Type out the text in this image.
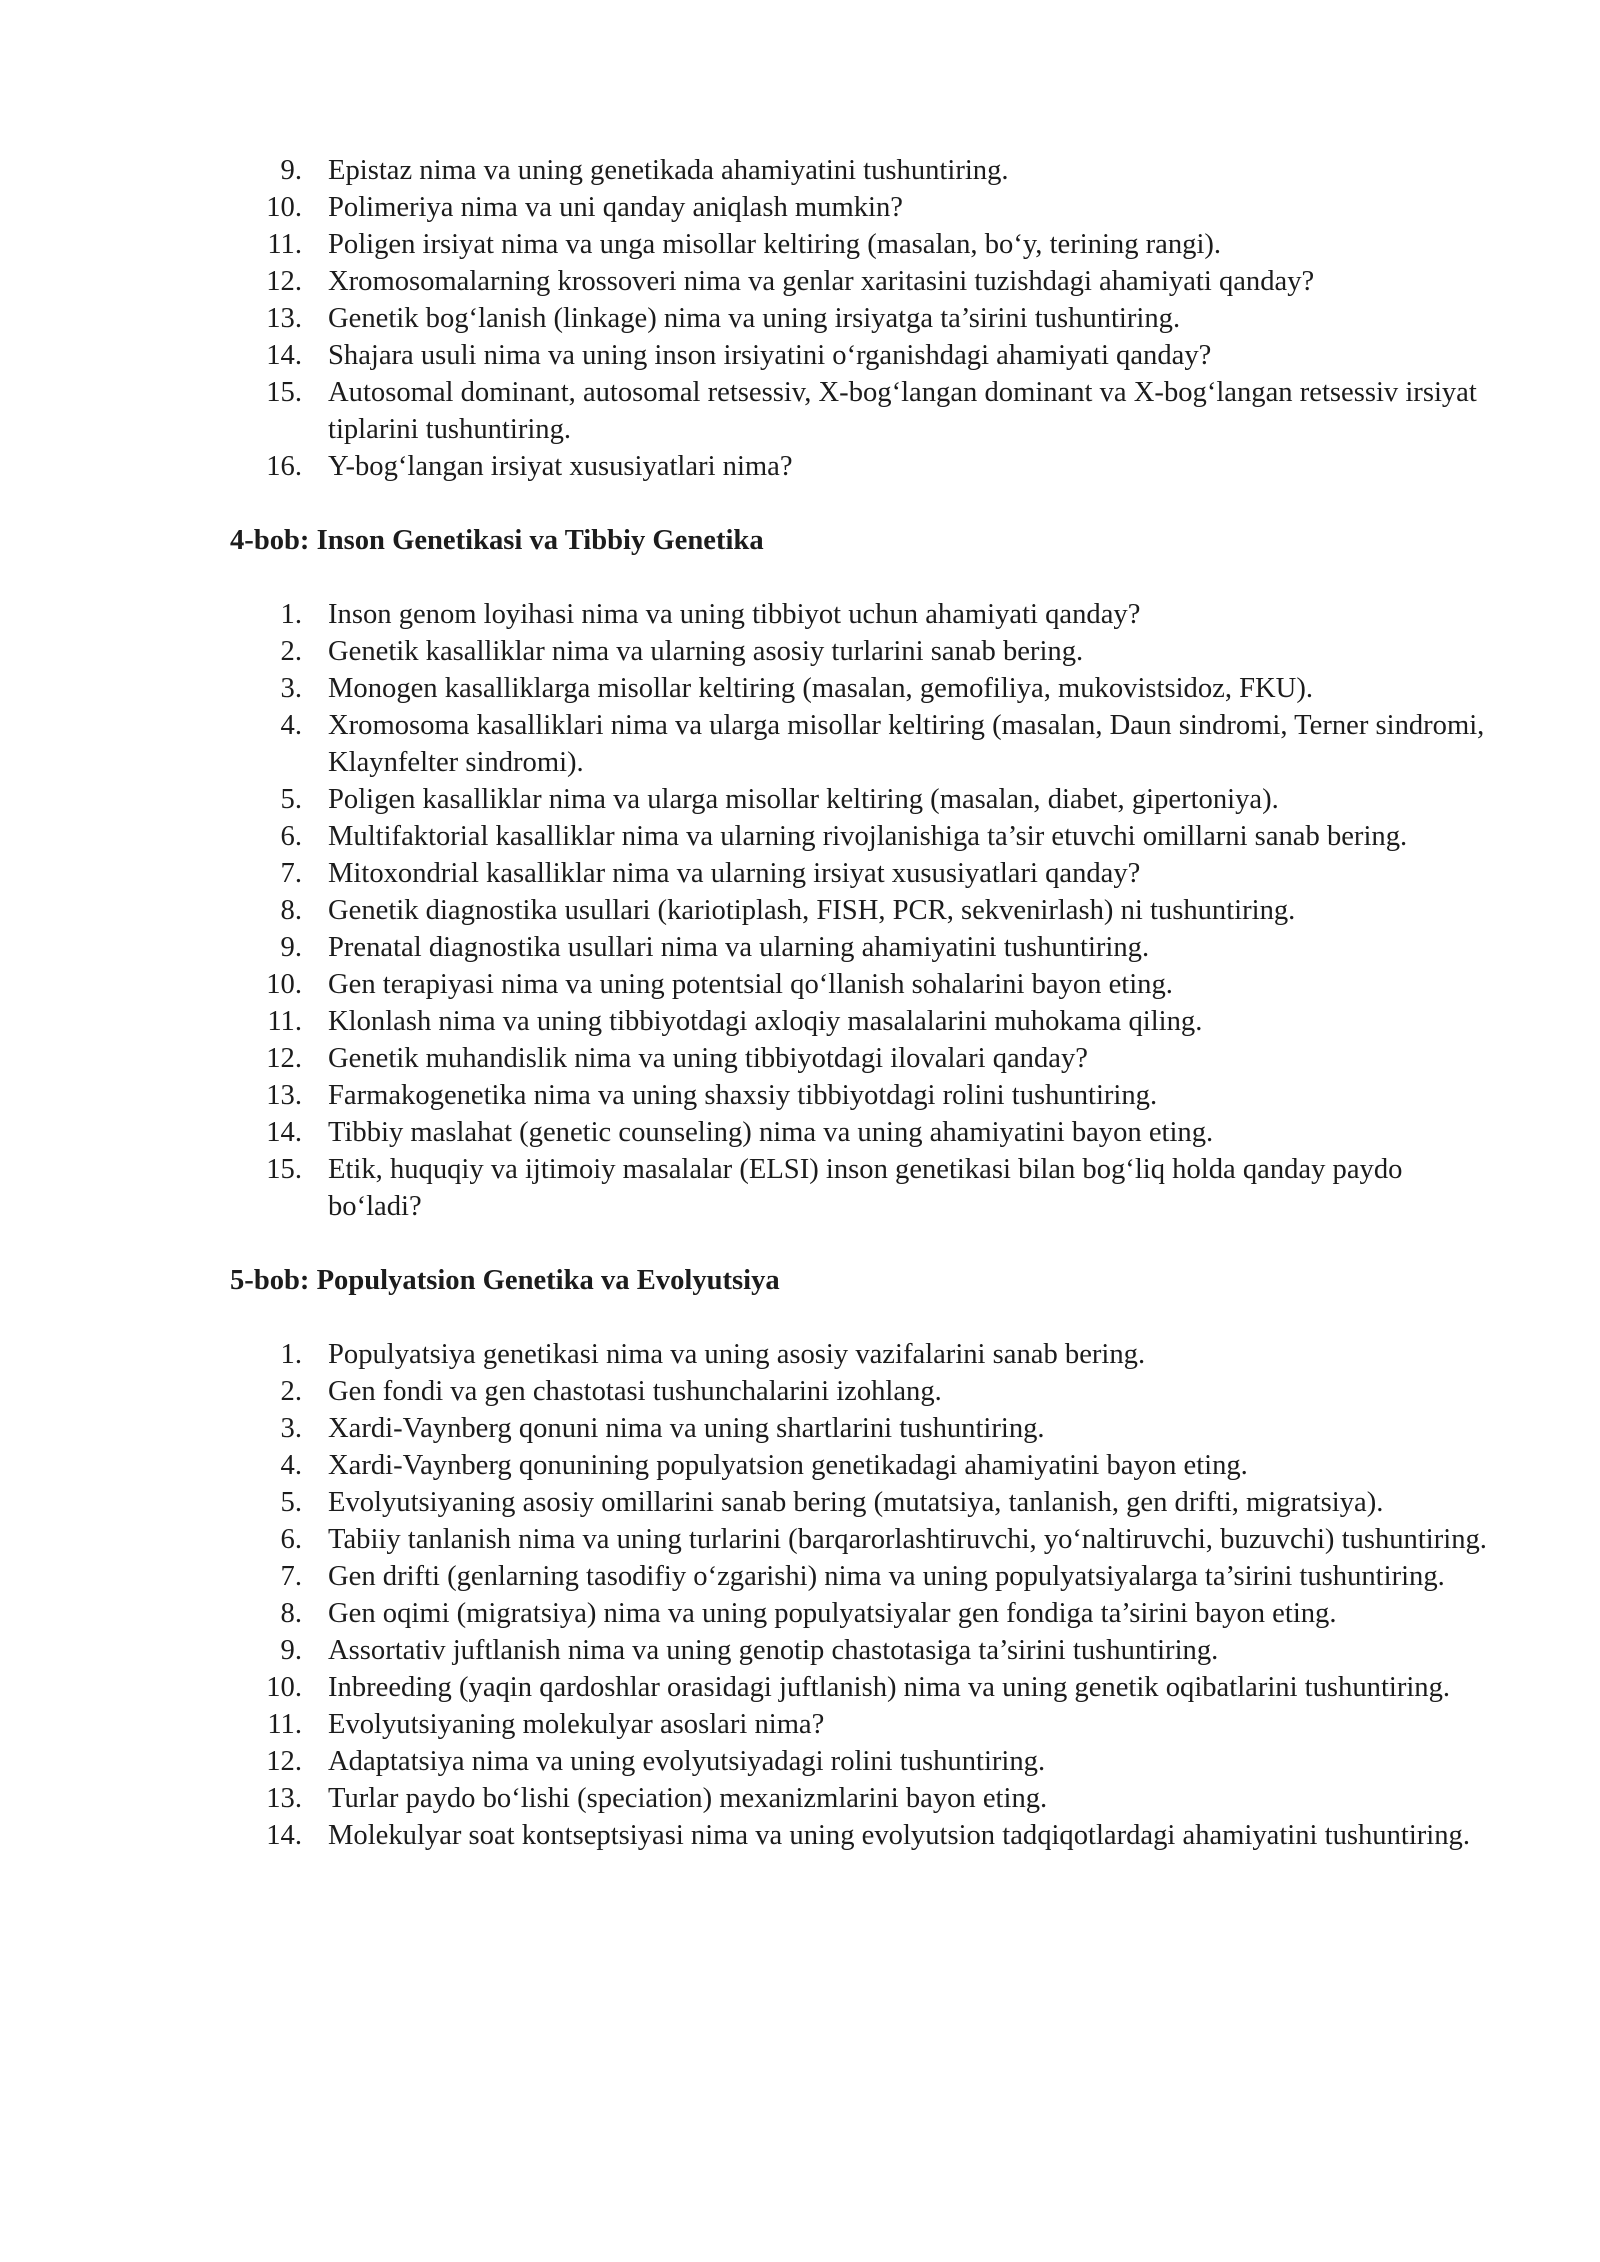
9. Epistaz nima va uning genetikada ahamiyatini tushuntiring.
10. Polimeriya nima va uni qanday aniqlash mumkin?
11. Poligen irsiyat nima va unga misollar keltiring (masalan, bo‘y, terining rangi).
12. Xromosomalarning krossoveri nima va genlar xaritasini tuzishdagi ahamiyati qanday?
13. Genetik bog‘lanish (linkage) nima va uning irsiyatga ta’sirini tushuntiring.
14. Shajara usuli nima va uning inson irsiyatini o‘rganishdagi ahamiyati qanday?
15. Autosomal dominant, autosomal retsessiv, X-bog‘langan dominant va X-bog‘langan retsessiv irsiyat tiplarini tushuntiring.
16. Y-bog‘langan irsiyat xususiyatlari nima?
4-bob: Inson Genetikasi va Tibbiy Genetika
1. Inson genom loyihasi nima va uning tibbiyot uchun ahamiyati qanday?
2. Genetik kasalliklar nima va ularning asosiy turlarini sanab bering.
3. Monogen kasalliklarga misollar keltiring (masalan, gemofiliya, mukovistsidoz, FKU).
4. Xromosoma kasalliklari nima va ularga misollar keltiring (masalan, Daun sindromi, Terner sindromi, Klaynfelter sindromi).
5. Poligen kasalliklar nima va ularga misollar keltiring (masalan, diabet, gipertoniya).
6. Multifaktorial kasalliklar nima va ularning rivojlanishiga ta’sir etuvchi omillarni sanab bering.
7. Mitoxondrial kasalliklar nima va ularning irsiyat xususiyatlari qanday?
8. Genetik diagnostika usullari (kariotiplash, FISH, PCR, sekvenirlash) ni tushuntiring.
9. Prenatal diagnostika usullari nima va ularning ahamiyatini tushuntiring.
10. Gen terapiyasi nima va uning potentsial qo‘llanish sohalarini bayon eting.
11. Klonlash nima va uning tibbiyotdagi axloqiy masalalarini muhokama qiling.
12. Genetik muhandislik nima va uning tibbiyotdagi ilovalari qanday?
13. Farmakogenetika nima va uning shaxsiy tibbiyotdagi rolini tushuntiring.
14. Tibbiy maslahat (genetic counseling) nima va uning ahamiyatini bayon eting.
15. Etik, huquqiy va ijtimoiy masalalar (ELSI) inson genetikasi bilan bog‘liq holda qanday paydo bo‘ladi?
5-bob: Populyatsion Genetika va Evolyutsiya
1. Populyatsiya genetikasi nima va uning asosiy vazifalarini sanab bering.
2. Gen fondi va gen chastotasi tushunchalarini izohlang.
3. Xardi-Vaynberg qonuni nima va uning shartlarini tushuntiring.
4. Xardi-Vaynberg qonunining populyatsion genetikadagi ahamiyatini bayon eting.
5. Evolyutsiyaning asosiy omillarini sanab bering (mutatsiya, tanlanish, gen drifti, migratsiya).
6. Tabiiy tanlanish nima va uning turlarini (barqarorlashtiruvchi, yo‘naltiruvchi, buzuvchi) tushuntiring.
7. Gen drifti (genlarning tasodifiy o‘zgarishi) nima va uning populyatsiyalarga ta’sirini tushuntiring.
8. Gen oqimi (migratsiya) nima va uning populyatsiyalar gen fondiga ta’sirini bayon eting.
9. Assortativ juftlanish nima va uning genotip chastotasiga ta’sirini tushuntiring.
10. Inbreeding (yaqin qardoshlar orasidagi juftlanish) nima va uning genetik oqibatlarini tushuntiring.
11. Evolyutsiyaning molekulyar asoslari nima?
12. Adaptatsiya nima va uning evolyutsiyadagi rolini tushuntiring.
13. Turlar paydo bo‘lishi (speciation) mexanizmlarini bayon eting.
14. Molekulyar soat kontseptsiyasi nima va uning evolyutsion tadqiqotlardagi ahamiyatini tushuntiring.
